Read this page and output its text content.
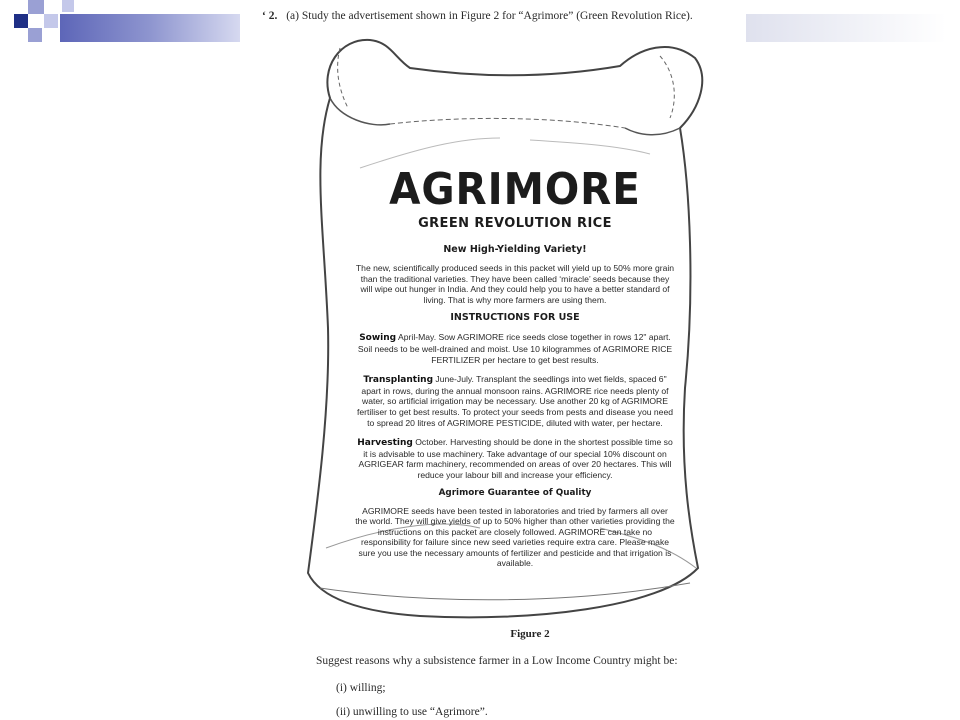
‘ 2. (a) Study the advertisement shown in Figure 2 for “Agrimore” (Green Revolution Rice).
AGRIMORE
GREEN REVOLUTION RICE
New High-Yielding Variety!
The new, scientifically produced seeds in this packet will yield up to 50% more grain than the traditional varieties. They have been called ‘miracle’ seeds because they will wipe out hunger in India. And they could help you to have a better standard of living. That is why more farmers are using them.
INSTRUCTIONS FOR USE
Sowing April-May. Sow AGRIMORE rice seeds close together in rows 12" apart. Soil needs to be well-drained and moist. Use 10 kilogrammes of AGRIMORE RICE FERTILIZER per hectare to get best results.
Transplanting June-July. Transplant the seedlings into wet fields, spaced 6" apart in rows, during the annual monsoon rains. AGRIMORE rice needs plenty of water, so artificial irrigation may be necessary. Use another 20 kg of AGRIMORE fertiliser to get best results. To protect your seeds from pests and disease you need to spread 20 litres of AGRIMORE PESTICIDE, diluted with water, per hectare.
Harvesting October. Harvesting should be done in the shortest possible time so it is advisable to use machinery. Take advantage of our special 10% discount on AGRIGEAR farm machinery, recommended on areas of over 20 hectares. This will reduce your labour bill and increase your efficiency.
Agrimore Guarantee of Quality
AGRIMORE seeds have been tested in laboratories and tried by farmers all over the world. They will give yields of up to 50% higher than other varieties providing the instructions on this packet are closely followed. AGRIMORE can take no responsibility for failure since new seed varieties require extra care. Please make sure you use the necessary amounts of fertilizer and pesticide and that irrigation is available.
Figure 2
Suggest reasons why a subsistence farmer in a Low Income Country might be:
(i) willing;
(ii) unwilling to use “Agrimore”.
